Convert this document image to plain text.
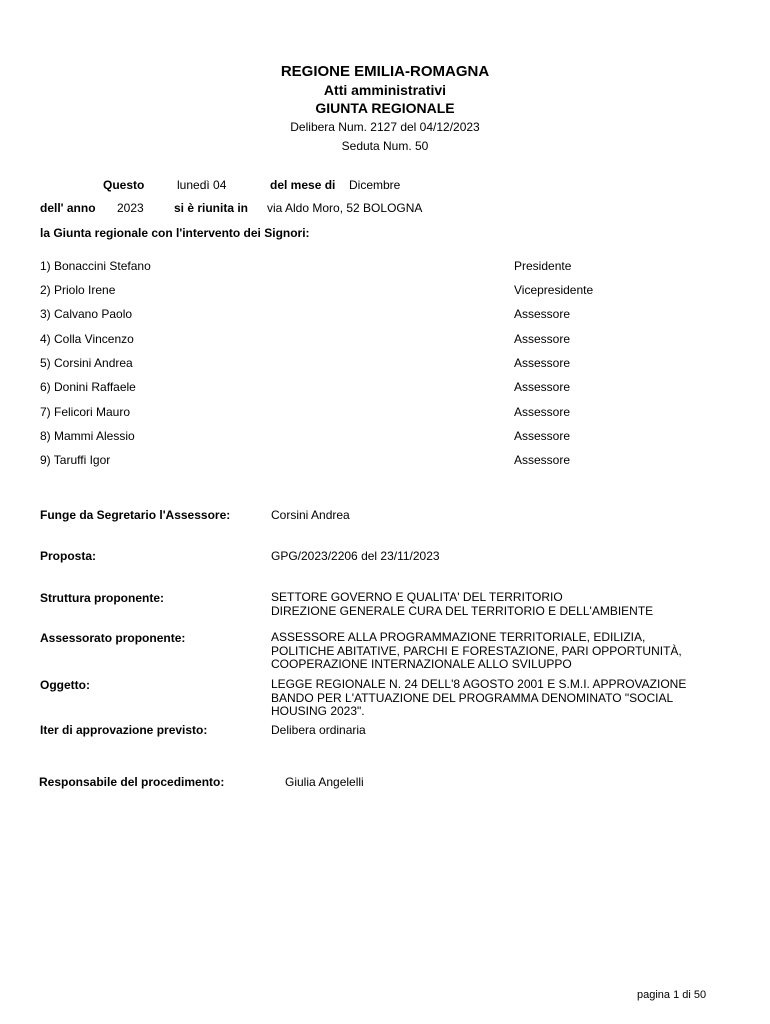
REGIONE EMILIA-ROMAGNA
Atti amministrativi
GIUNTA REGIONALE
Delibera Num. 2127 del 04/12/2023
Seduta Num. 50
Questo	lunedì 04	del mese di Dicembre
dell' anno 2023	si è riunita in via Aldo Moro, 52 BOLOGNA
la Giunta regionale con l'intervento dei Signori:
1) Bonaccini Stefano	Presidente
2) Priolo Irene	Vicepresidente
3) Calvano Paolo	Assessore
4) Colla Vincenzo	Assessore
5) Corsini Andrea	Assessore
6) Donini Raffaele	Assessore
7) Felicori Mauro	Assessore
8) Mammi Alessio	Assessore
9) Taruffi Igor	Assessore
Funge da Segretario l'Assessore:	Corsini Andrea
Proposta:	GPG/2023/2206 del 23/11/2023
Struttura proponente:	SETTORE GOVERNO E QUALITA' DEL TERRITORIO
DIREZIONE GENERALE CURA DEL TERRITORIO E DELL'AMBIENTE
Assessorato proponente:	ASSESSORE ALLA PROGRAMMAZIONE TERRITORIALE, EDILIZIA,
POLITICHE ABITATIVE, PARCHI E FORESTAZIONE, PARI OPPORTUNITÀ,
COOPERAZIONE INTERNAZIONALE ALLO SVILUPPO
Oggetto:	LEGGE REGIONALE N. 24 DELL'8 AGOSTO 2001 E S.M.I. APPROVAZIONE
BANDO PER L'ATTUAZIONE DEL PROGRAMMA DENOMINATO "SOCIAL
HOUSING 2023".
Iter di approvazione previsto:	Delibera ordinaria
Responsabile del procedimento:	Giulia Angelelli
pagina 1 di 50
